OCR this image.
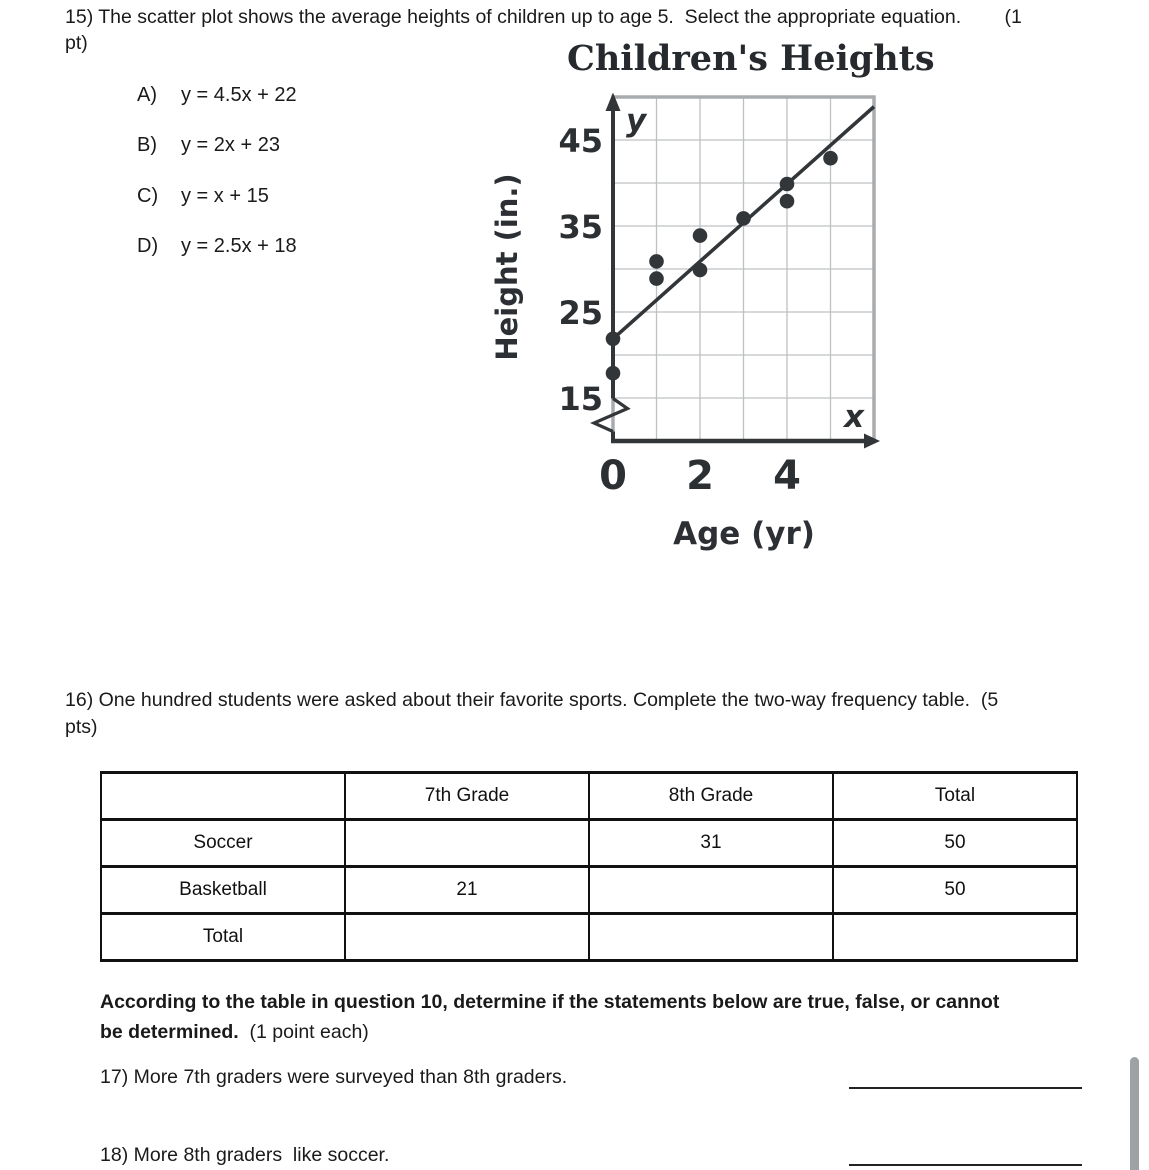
15) The scatter plot shows the average heights of children up to age 5.  Select the appropriate equation.        (1
pt)
A) y = 4.5x + 22
B) y = 2x + 23
C) y = x + 15
D) y = 2.5x + 18
Children's Heights
Height (in.)
Age (yr)
45
35
25
15
0 2 4
y
x
16) One hundred students were asked about their favorite sports. Complete the two-way frequency table.  (5
pts)
	7th Grade	8th Grade	Total
Soccer		31	50
Basketball	21		50
Total			
According to the table in question 10, determine if the statements below are true, false, or cannot
be determined.  (1 point each)
17) More 7th graders were surveyed than 8th graders.
18) More 8th graders  like soccer.
